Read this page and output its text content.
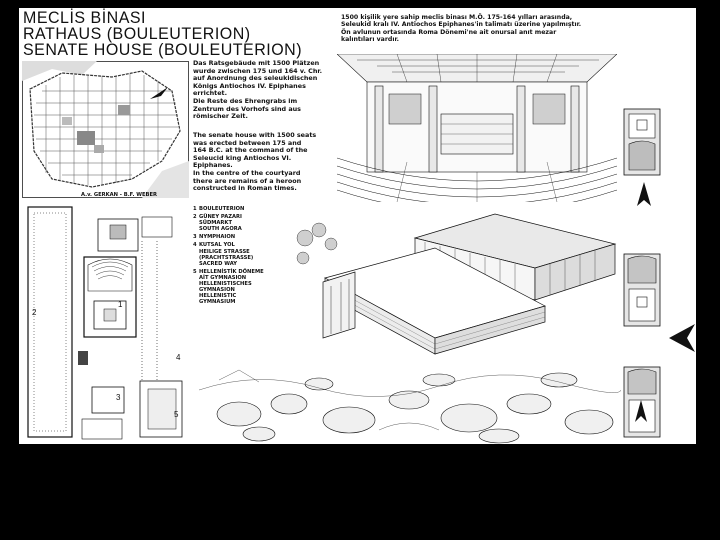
MECLİS BİNASI
RATHAUS (BOULEUTERION)
SENATE HOUSE (BOULEUTERION)
A.v. GERKAN - B.F. WEBER
Das Ratsgebäude mit 1500 Plätzen
wurde zwischen 175 und 164 v. Chr.
auf Anordnung des seleukidischen
Königs Antiochos IV. Epiphanes
errichtet.
Die Reste des Ehrengrabs im
Zentrum des Vorhofs sind aus
römischer Zeit.
The senate house with 1500 seats
was erected between 175 and
164 B.C. at the command of the
Seleucid king Antiochos VI.
Epiphanes.
In the centre of the courtyard
there are remains of a heroon
constructed in Roman times.
1500 kişilik yere sahip meclis binası M.Ö. 175-164 yılları arasında,
Seleukid kralı IV. Antiochos Epiphanes'in talimatı üzerine yapılmıştır.
Ön avlunun ortasında Roma Dönemi'ne ait onursal anıt mezar
kalıntıları vardır.
1
2
3
4
5
1 BOULEUTERION
2 GÜNEY PAZARI
SÜDMARKT
SOUTH AGORA
3 NYMPHAION
4 KUTSAL YOL
HEILIGE STRASSE
(PRACHTSTRASSE)
SACRED WAY
5 HELLENİSTİK DÖNEME
AİT GYMNASION
HELLENISTISCHES
GYMNASION
HELLENISTIC
GYMNASIUM
